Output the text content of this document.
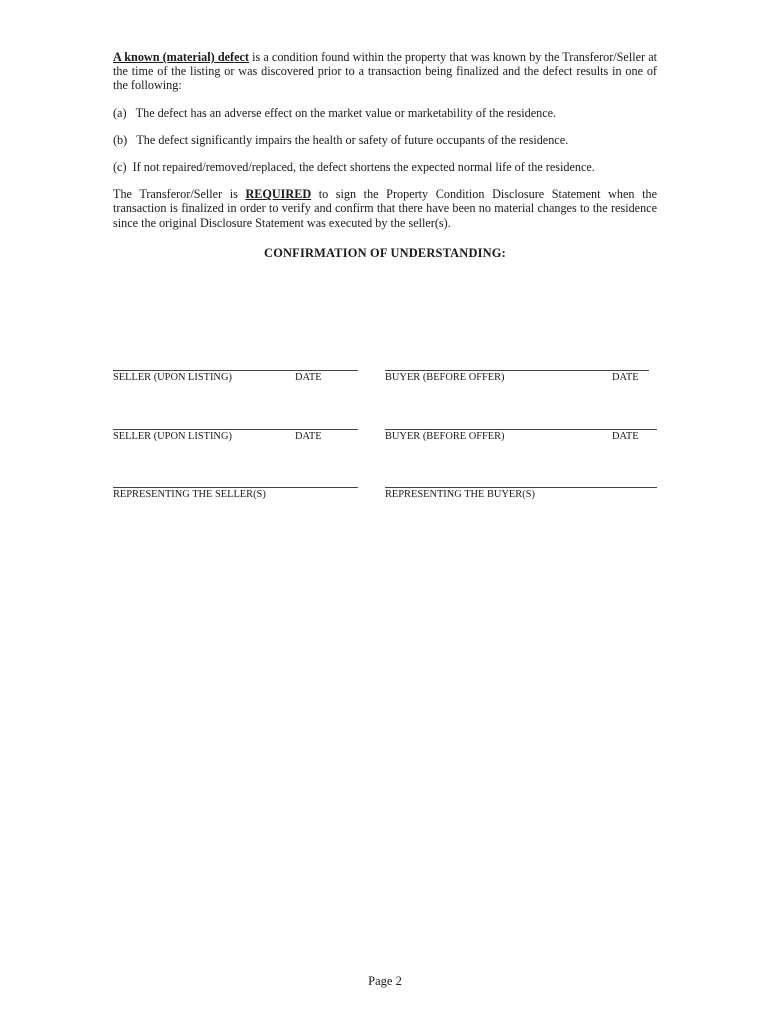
A known (material) defect is a condition found within the property that was known by the Transferor/Seller at the time of the listing or was discovered prior to a transaction being finalized and the defect results in one of the following:

(a) The defect has an adverse effect on the market value or marketability of the residence.

(b) The defect significantly impairs the health or safety of future occupants of the residence.

(c) If not repaired/removed/replaced, the defect shortens the expected normal life of the residence.

The Transferor/Seller is REQUIRED to sign the Property Condition Disclosure Statement when the transaction is finalized in order to verify and confirm that there have been no material changes to the residence since the original Disclosure Statement was executed by the seller(s).

CONFIRMATION OF UNDERSTANDING:
SELLER (UPON LISTING)	DATE	BUYER (BEFORE OFFER)	DATE
SELLER (UPON LISTING)	DATE	BUYER (BEFORE OFFER)	DATE
REPRESENTING THE SELLER(S)	REPRESENTING THE BUYER(S)
Page 2
